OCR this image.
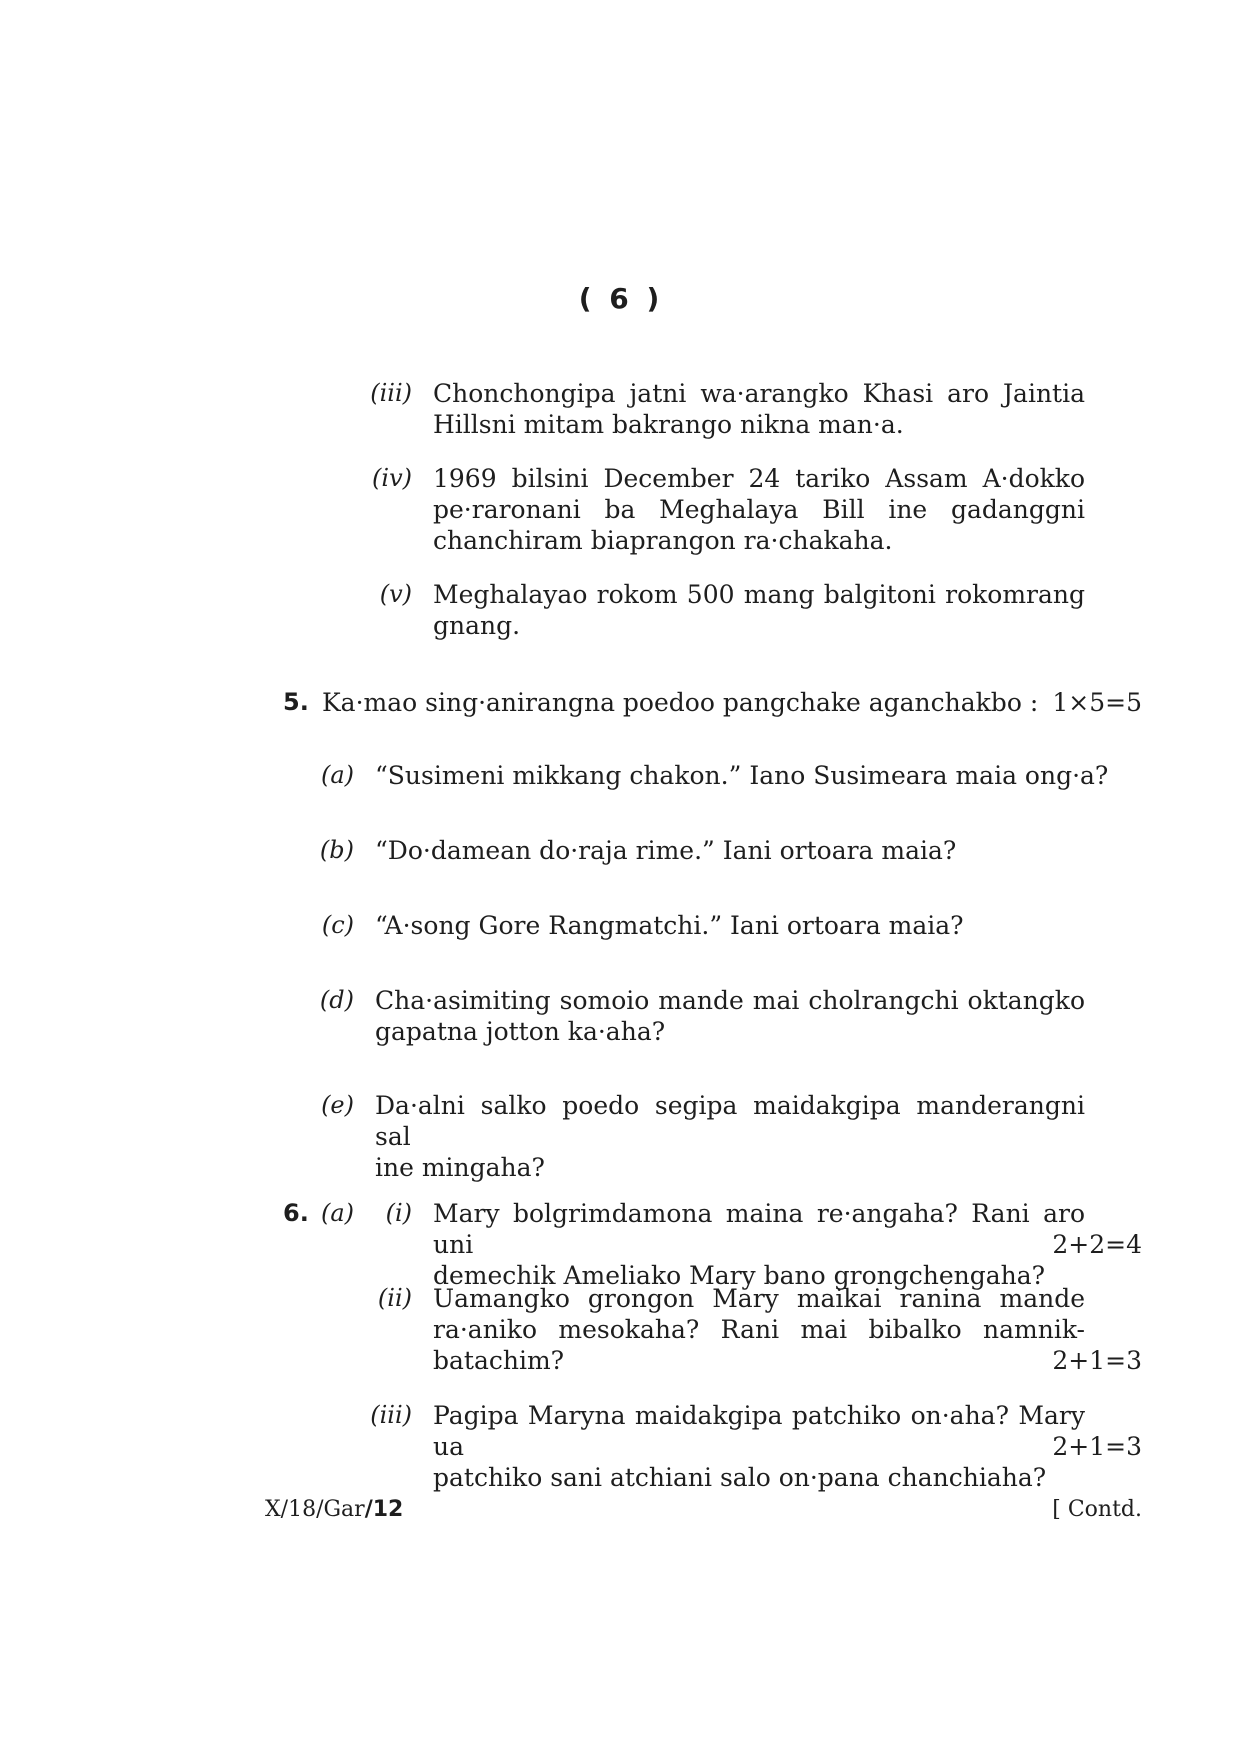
( 6 )
(iii) Chonchongipa jatni wa·arangko Khasi aro Jaintia
Hillsni mitam bakrango nikna man·a.
(iv) 1969 bilsini December 24 tariko Assam A·dokko
pe·raronani ba Meghalaya Bill ine gadanggni
chanchiram biaprangon ra·chakaha.
(v) Meghalayao rokom 500 mang balgitoni rokomrang
gnang.
5. Ka·mao sing·anirangna poedoo pangchake aganchakbo : 1×5=5
(a) “Susimeni mikkang chakon.” Iano Susimeara maia ong·a?
(b) “Do·damean do·raja rime.” Iani ortoara maia?
(c) “A·song Gore Rangmatchi.” Iani ortoara maia?
(d) Cha·asimiting somoio mande mai cholrangchi oktangko
gapatna jotton ka·aha?
(e) Da·alni salko poedo segipa maidakgipa manderangni sal
ine mingaha?
6. (a)	(i) Mary bolgrimdamona maina re·angaha? Rani aro uni
demechik Ameliako Mary bano grongchengaha?
2+2=4
(ii) Uamangko grongon Mary maikai ranina mande
ra·aniko mesokaha? Rani mai bibalko namnik-
batachim?	2+1=3
(iii) Pagipa Maryna maidakgipa patchiko on·aha? Mary ua
patchiko sani atchiani salo on·pana chanchiaha?
2+1=3
X/18/Gar/12	[ Contd.
